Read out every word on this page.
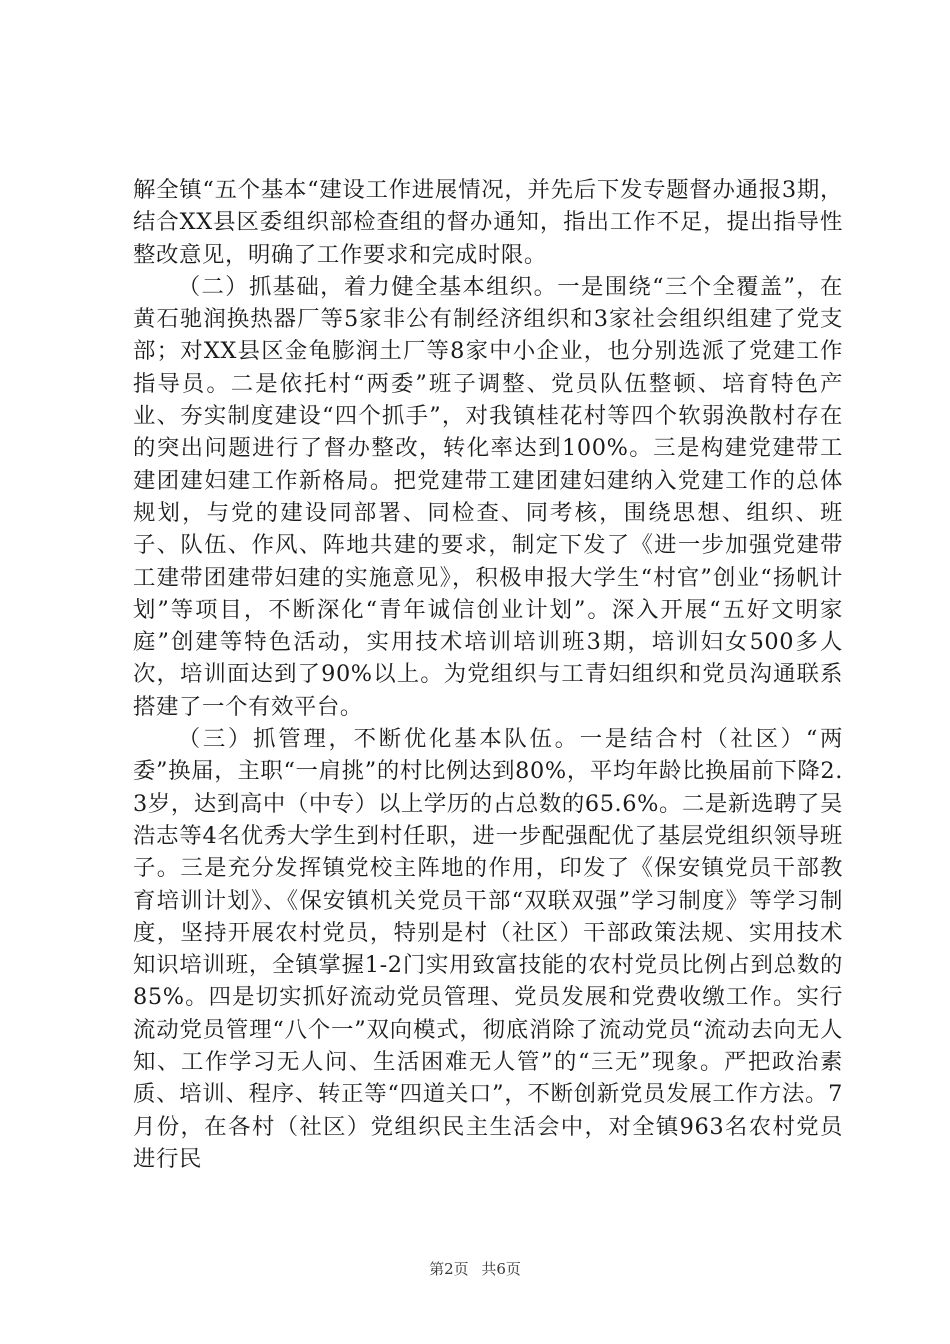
解全镇“五个基本“建设工作进展情况，并先后下发专题督办通报3期，结合XX县区委组织部检查组的督办通知，指出工作不足，提出指导性整改意见，明确了工作要求和完成时限。

（二）抓基础，着力健全基本组织。一是围绕“三个全覆盖”，在黄石驰润换热器厂等5家非公有制经济组织和3家社会组织组建了党支部；对XX县区金龟膨润土厂等8家中小企业，也分别选派了党建工作指导员。二是依托村“两委”班子调整、党员队伍整顿、培育特色产业、夯实制度建设“四个抓手”，对我镇桂花村等四个软弱涣散村存在的突出问题进行了督办整改，转化率达到100%。三是构建党建带工建团建妇建工作新格局。把党建带工建团建妇建纳入党建工作的总体规划，与党的建设同部署、同检查、同考核，围绕思想、组织、班子、队伍、作风、阵地共建的要求，制定下发了《进一步加强党建带工建带团建带妇建的实施意见》，积极申报大学生“村官”创业“扬帆计划”等项目，不断深化“青年诚信创业计划”。深入开展“五好文明家庭”创建等特色活动，实用技术培训培训班3期，培训妇女500多人次，培训面达到了90%以上。为党组织与工青妇组织和党员沟通联系搭建了一个有效平台。

（三）抓管理，不断优化基本队伍。一是结合村（社区）“两委”换届，主职“一肩挑”的村比例达到80%，平均年龄比换届前下降2.3岁，达到高中（中专）以上学历的占总数的65.6%。二是新选聘了吴浩志等4名优秀大学生到村任职，进一步配强配优了基层党组织领导班子。三是充分发挥镇党校主阵地的作用，印发了《保安镇党员干部教育培训计划》、《保安镇机关党员干部“双联双强”学习制度》等学习制度，坚持开展农村党员，特别是村（社区）干部政策法规、实用技术知识培训班，全镇掌握1-2门实用致富技能的农村党员比例占到总数的85%。四是切实抓好流动党员管理、党员发展和党费收缴工作。实行流动党员管理“八个一”双向模式，彻底消除了流动党员“流动去向无人知、工作学习无人问、生活困难无人管”的“三无”现象。严把政治素质、培训、程序、转正等“四道关口”，不断创新党员发展工作方法。7月份，在各村（社区）党组织民主生活会中，对全镇963名农村党员进行民

第2页 共6页
